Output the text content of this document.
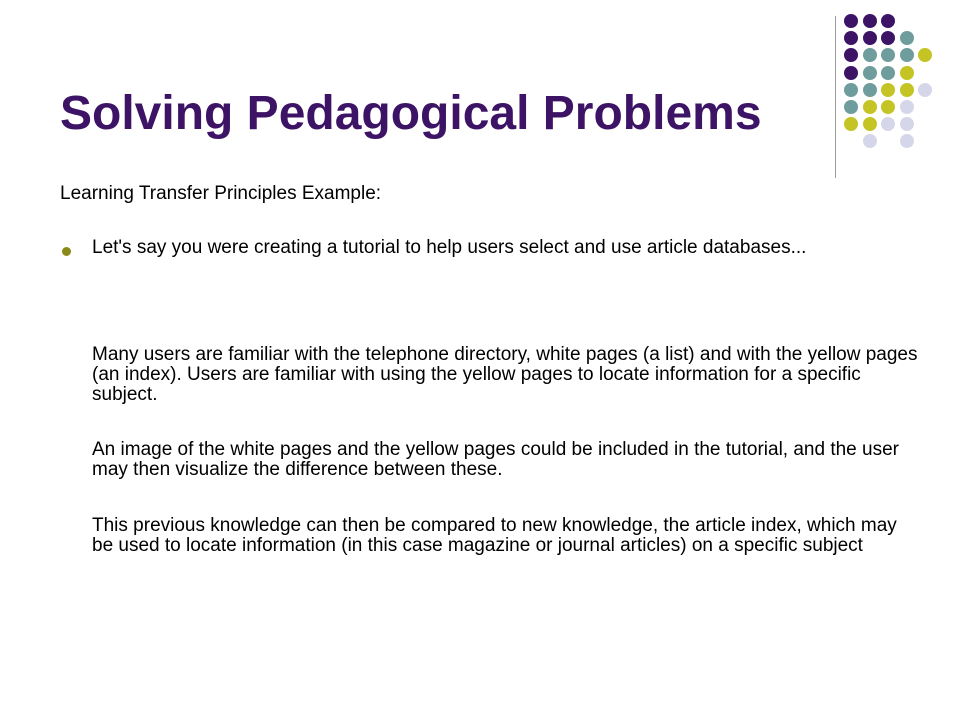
Solving Pedagogical Problems
Learning Transfer Principles Example:
Let's say you were creating a tutorial to help users select and use article databases...
Many users are familiar with the telephone directory, white pages (a list) and with the yellow pages (an index). Users are familiar with using the yellow pages to locate information for a specific subject.
An image of the white pages and the yellow pages could be included in the tutorial, and the user may then visualize the difference between these.
This previous knowledge can then be compared to new knowledge, the article index, which may be used to locate information (in this case magazine or journal articles) on a specific subject
